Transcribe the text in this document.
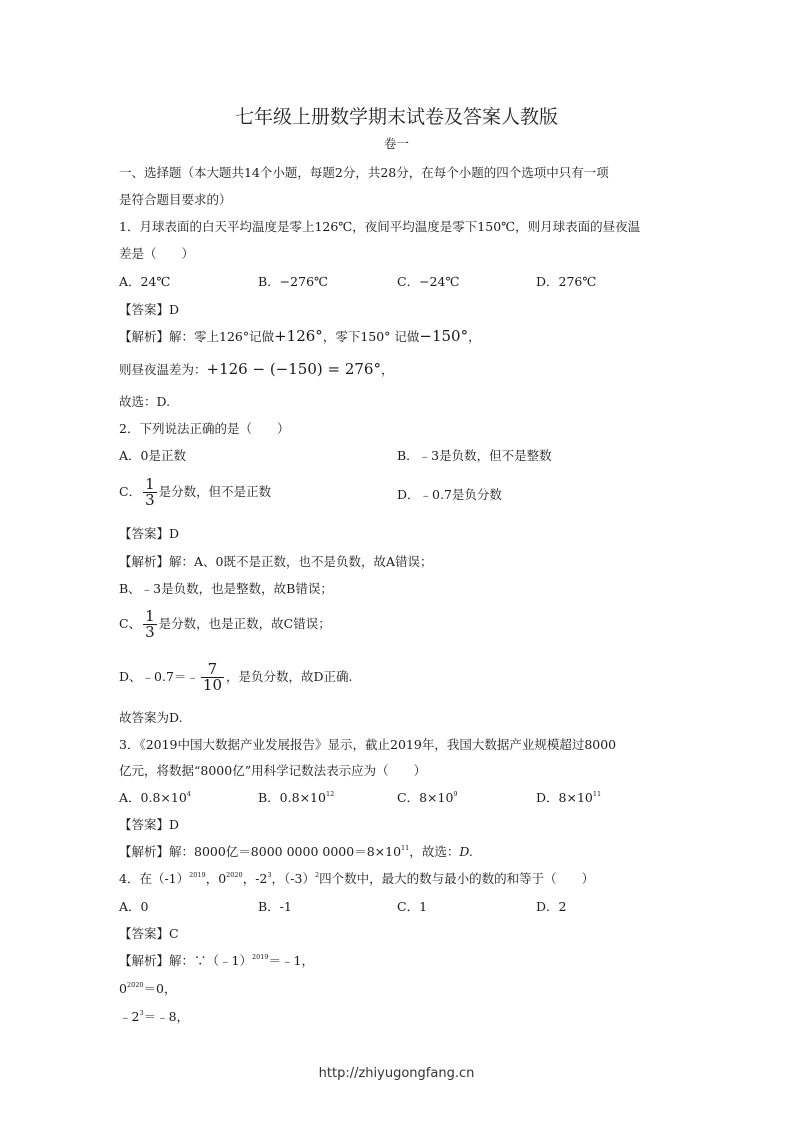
七年级上册数学期末试卷及答案人教版
卷一
一、选择题（本大题共14个小题，每题2分，共28分，在每个小题的四个选项中只有一项
是符合题目要求的）
1．月球表面的白天平均温度是零上126℃，夜间平均温度是零下150℃，则月球表面的昼夜温
差是（　　）
A．24℃	B．−276℃	C．−24℃	D．276℃
【答案】D
【解析】解：零上126°记做+126°，零下150° 记做−150°，
则昼夜温差为：+126 − (−150) = 276°，
故选：D.
2．下列说法正确的是（　　）
A．0是正数	B．﹣3是负数，但不是整数
C． $\frac{1}{3}$ 是分数，但不是正数	D．﹣0.7是负分数
【答案】D
【解析】解：A、0既不是正数，也不是负数，故A错误；
B、﹣3是负数，也是整数，故B错误；
C、 $\frac{1}{3}$ 是分数，也是正数，故C错误；
D、﹣0.7＝﹣ $\frac{7}{10}$ ，是负分数，故D正确.
故答案为D.
3．《2019中国大数据产业发展报告》显示，截止2019年，我国大数据产业规模超过8000
亿元，将数据“8000亿”用科学记数法表示应为（　　）
A．$0.8\times 10^4$	B．$0.8\times 10^{12}$	C．$8\times 10^9$	D．$8\times 10^{11}$
【答案】D
【解析】解：8000亿＝8000 0000 $0000=8\times 10^{11}$，故选：D.
4．在$(-1)^{2019}$，$0^{2020}$，$-2^3$，$(-3)^2$四个数中，最大的数与最小的数的和等于（　　）
A．0	B．-1	C．1	D．2
【答案】C
【解析】解：∵（﹣1）$^{2019}$＝﹣1，
$0^{2020}=0$，
$﹣2^3=﹣8$，
http://zhiyugongfang.cn
